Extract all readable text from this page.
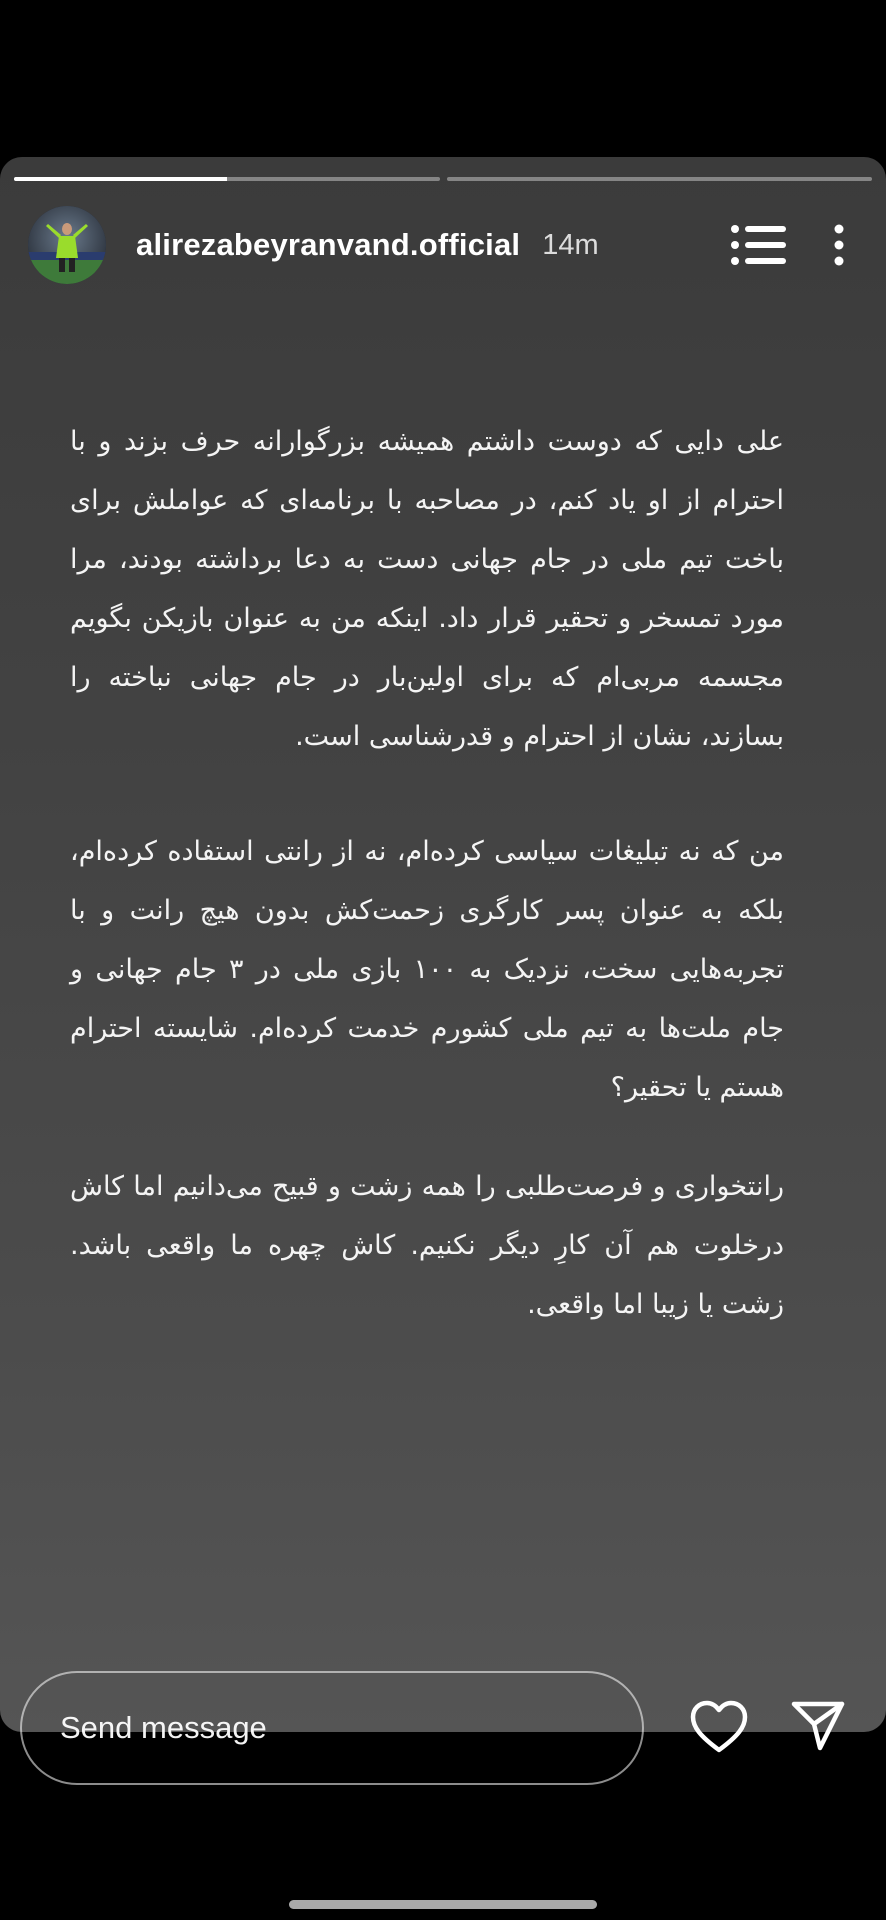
alirezabeyranvand.official 14m

علی دایی که دوست داشتم همیشه بزرگوارانه حرف بزند و با احترام از او یاد کنم، در مصاحبه با برنامه‌ای که عواملش برای باخت تیم ملی در جام جهانی دست به دعا برداشته بودند، مرا مورد تمسخر و تحقیر قرار داد. اینکه من به عنوان بازیکن بگویم مجسمه مربی‌ام که برای اولین‌بار در جام جهانی نباخته را بسازند، نشان از احترام و قدرشناسی است.

من که نه تبلیغات سیاسی کرده‌ام، نه از رانتی استفاده کرده‌ام، بلکه به عنوان پسر کارگری زحمت‌کش بدون هیچ رانت و با تجربه‌هایی سخت، نزدیک به ۱۰۰ بازی ملی در ۳ جام جهانی و جام ملت‌ها به تیم ملی کشورم خدمت کرده‌ام. شایسته احترام هستم یا تحقیر؟

رانتخواری و فرصت‌طلبی را همه زشت و قبیح می‌دانیم اما کاش درخلوت هم آن کارِ دیگر نکنیم. کاش چهره ما واقعی باشد. زشت یا زیبا اما واقعی.

Send message
